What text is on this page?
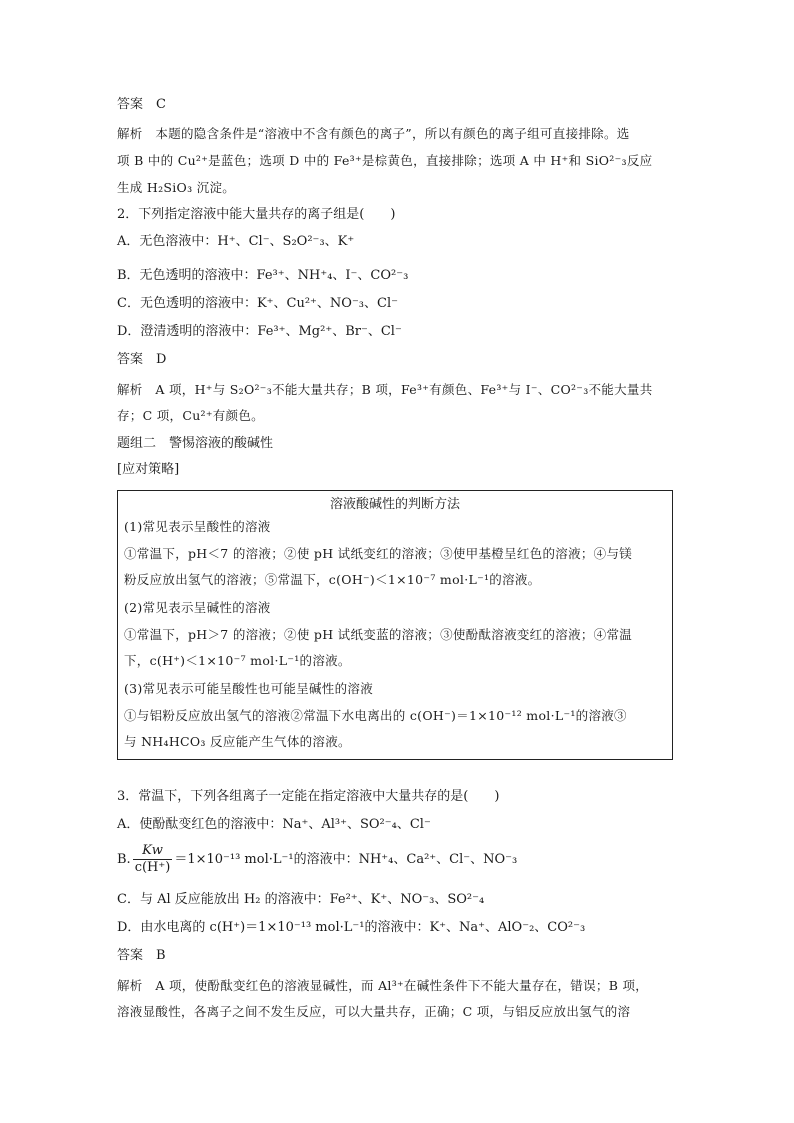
答案　C
解析　本题的隐含条件是“溶液中不含有颜色的离子”，所以有颜色的离子组可直接排除。选
项 B 中的 Cu²⁺是蓝色；选项 D 中的 Fe³⁺是棕黄色，直接排除；选项 A 中 H⁺和 SiO²⁻₃反应
生成 H₂SiO₃ 沉淀。
2．下列指定溶液中能大量共存的离子组是(　　)
A．无色溶液中：H⁺、Cl⁻、S₂O²⁻₃、K⁺
B．无色透明的溶液中：Fe³⁺、NH⁺₄、I⁻、CO²⁻₃
C．无色透明的溶液中：K⁺、Cu²⁺、NO⁻₃、Cl⁻
D．澄清透明的溶液中：Fe³⁺、Mg²⁺、Br⁻、Cl⁻
答案　D
解析　A 项，H⁺与 S₂O²⁻₃不能大量共存；B 项，Fe³⁺有颜色、Fe³⁺与 I⁻、CO²⁻₃不能大量共
存；C 项，Cu²⁺有颜色。
题组二　警惕溶液的酸碱性
[应对策略]
溶液酸碱性的判断方法
(1)常见表示呈酸性的溶液
①常温下，pH＜7 的溶液；②使 pH 试纸变红的溶液；③使甲基橙呈红色的溶液；④与镁
粉反应放出氢气的溶液；⑤常温下，c(OH⁻)＜1×10⁻⁷ mol·L⁻¹的溶液。
(2)常见表示呈碱性的溶液
①常温下，pH＞7 的溶液；②使 pH 试纸变蓝的溶液；③使酚酞溶液变红的溶液；④常温
下，c(H⁺)＜1×10⁻⁷ mol·L⁻¹的溶液。
(3)常见表示可能呈酸性也可能呈碱性的溶液
①与铝粉反应放出氢气的溶液②常温下水电离出的 c(OH⁻)＝1×10⁻¹² mol·L⁻¹的溶液③
与 NH₄HCO₃ 反应能产生气体的溶液。
3．常温下，下列各组离子一定能在指定溶液中大量共存的是(　　)
A．使酚酞变红色的溶液中：Na⁺、Al³⁺、SO²⁻₄、Cl⁻
B. $\frac{Kw}{c(H^+)} =1\times 10^{-13}$ mol·L⁻¹的溶液中：NH⁺₄、Ca²⁺、Cl⁻、NO⁻₃
C．与 Al 反应能放出 H₂ 的溶液中：Fe²⁺、K⁺、NO⁻₃、SO²⁻₄
D．由水电离的 c(H⁺)＝1×10⁻¹³ mol·L⁻¹的溶液中：K⁺、Na⁺、AlO⁻₂、CO²⁻₃
答案　B
解析　A 项，使酚酞变红色的溶液显碱性，而 Al³⁺在碱性条件下不能大量存在，错误；B 项，
溶液显酸性，各离子之间不发生反应，可以大量共存，正确；C 项，与铝反应放出氢气的溶
